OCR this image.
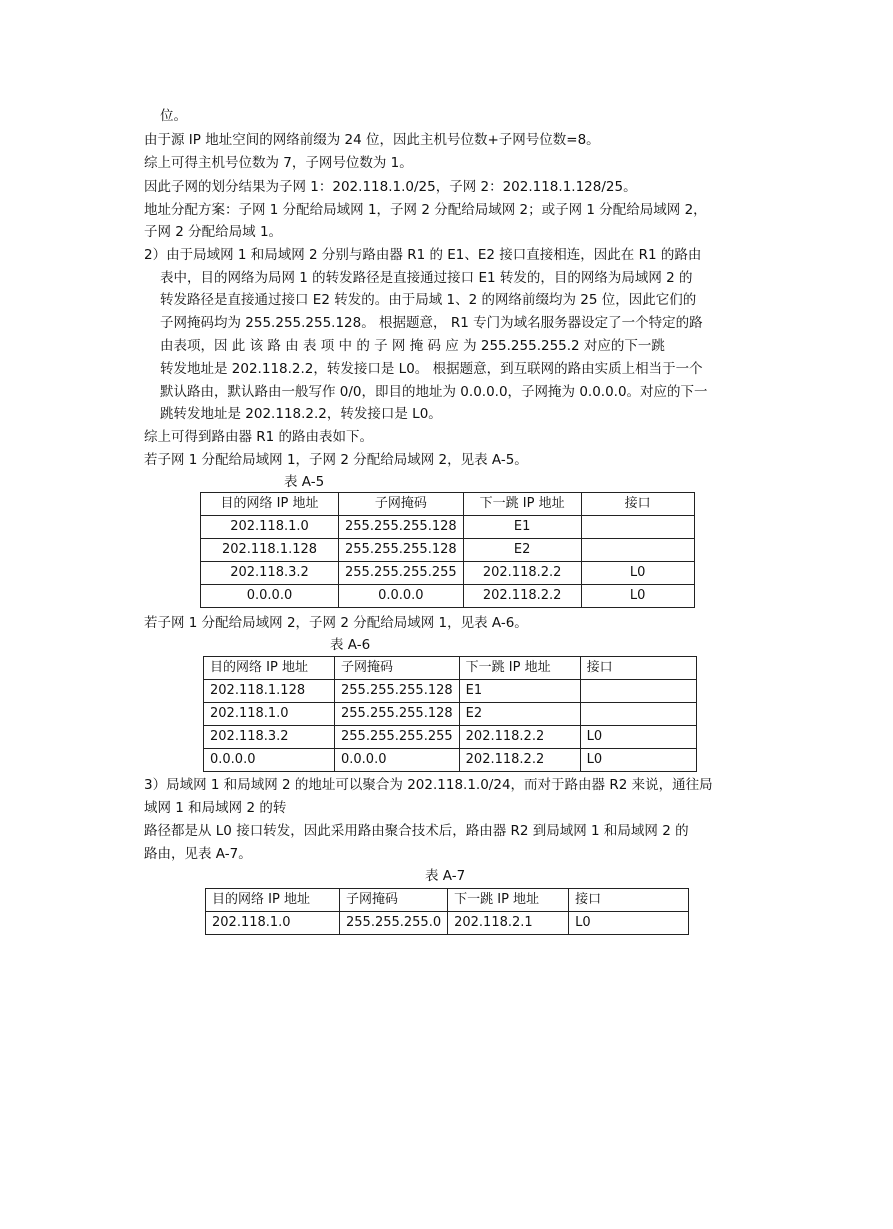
位。
由于源 IP 地址空间的网络前缀为 24 位，因此主机号位数+子网号位数=8。
综上可得主机号位数为 7，子网号位数为 1。
因此子网的划分结果为子网 1：202.118.1.0/25，子网 2：202.118.1.128/25。
地址分配方案：子网 1 分配给局域网 1，子网 2 分配给局域网 2；或子网 1 分配给局域网 2，
子网 2 分配给局域 1。
2）由于局域网 1 和局域网 2 分别与路由器 R1 的 E1、E2 接口直接相连，因此在 R1 的路由
表中，目的网络为局网 1 的转发路径是直接通过接口 E1 转发的，目的网络为局域网 2 的
转发路径是直接通过接口 E2 转发的。由于局域 1、2 的网络前缀均为 25 位，因此它们的
子网掩码均为 255.255.255.128。 根据题意， R1 专门为域名服务器设定了一个特定的路
由表项，因 此 该 路 由 表 项 中 的 子 网 掩 码 应 为 255.255.255.2 对应的下一跳
转发地址是 202.118.2.2，转发接口是 L0。 根据题意，到互联网的路由实质上相当于一个
默认路由，默认路由一般写作 0/0，即目的地址为 0.0.0.0，子网掩为 0.0.0.0。对应的下一
跳转发地址是 202.118.2.2，转发接口是 L0。
综上可得到路由器 R1 的路由表如下。
若子网 1 分配给局域网 1，子网 2 分配给局域网 2，见表 A-5。
表 A-5
目的网络 IP 地址	子网掩码	下一跳 IP 地址	接口
202.118.1.0	255.255.255.128	E1	
202.118.1.128	255.255.255.128	E2	
202.118.3.2	255.255.255.255	202.118.2.2	L0
0.0.0.0	0.0.0.0	202.118.2.2	L0
若子网 1 分配给局域网 2，子网 2 分配给局域网 1，见表 A-6。
表 A-6
目的网络 IP 地址	子网掩码	下一跳 IP 地址	接口
202.118.1.128	255.255.255.128	E1	
202.118.1.0	255.255.255.128	E2	
202.118.3.2	255.255.255.255	202.118.2.2	L0
0.0.0.0	0.0.0.0	202.118.2.2	L0
3）局域网 1 和局域网 2 的地址可以聚合为 202.118.1.0/24，而对于路由器 R2 来说，通往局
域网 1 和局域网 2 的转
路径都是从 L0 接口转发，因此采用路由聚合技术后，路由器 R2 到局域网 1 和局域网 2 的
路由，见表 A-7。
表 A-7
目的网络 IP 地址	子网掩码	下一跳 IP 地址	接口
202.118.1.0	255.255.255.0	202.118.2.1	L0
